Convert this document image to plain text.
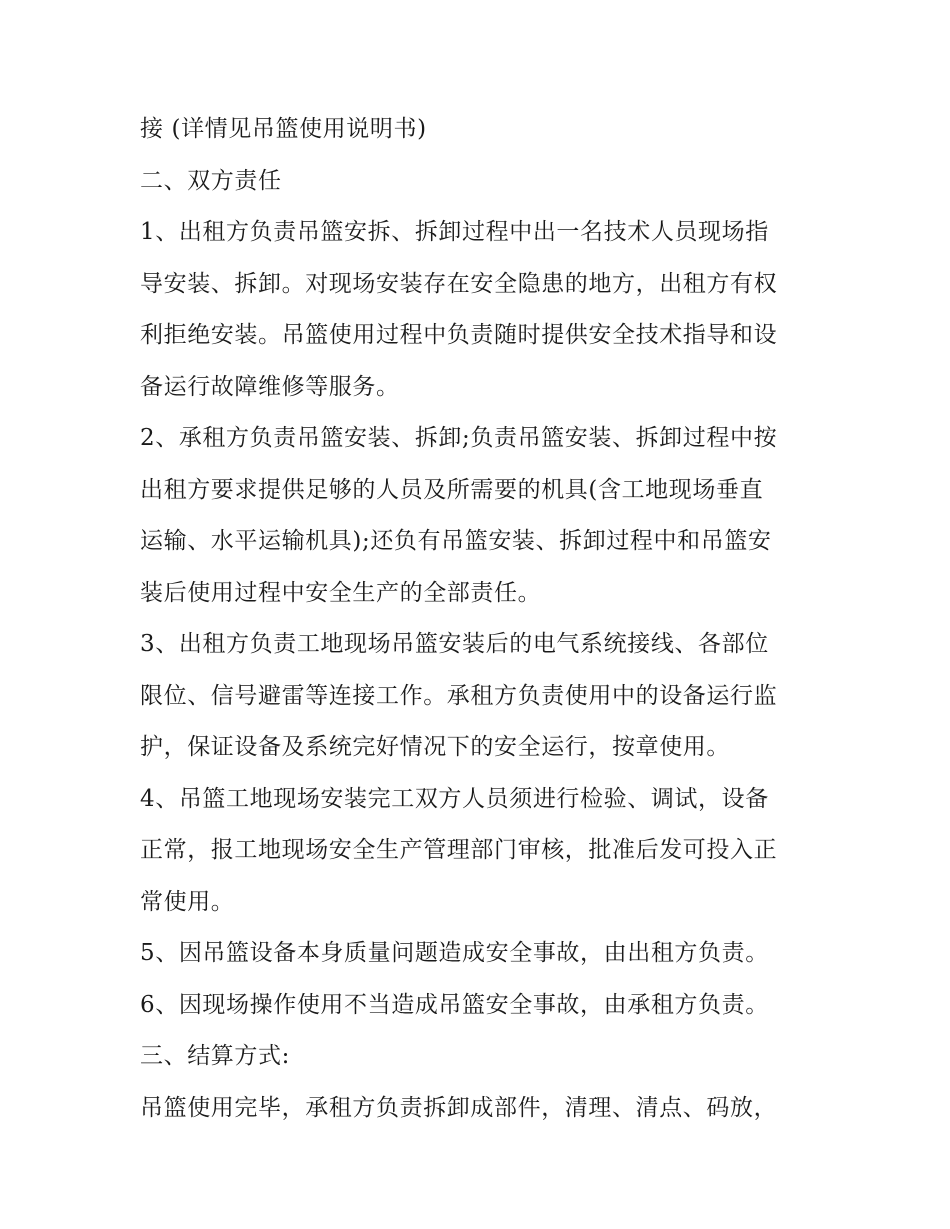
接 (详情见吊篮使用说明书)
二、双方责任
1、出租方负责吊篮安拆、拆卸过程中出一名技术人员现场指
导安装、拆卸。对现场安装存在安全隐患的地方，出租方有权
利拒绝安装。吊篮使用过程中负责随时提供安全技术指导和设
备运行故障维修等服务。
2、承租方负责吊篮安装、拆卸;负责吊篮安装、拆卸过程中按
出租方要求提供足够的人员及所需要的机具(含工地现场垂直
运输、水平运输机具);还负有吊篮安装、拆卸过程中和吊篮安
装后使用过程中安全生产的全部责任。
3、出租方负责工地现场吊篮安装后的电气系统接线、各部位
限位、信号避雷等连接工作。承租方负责使用中的设备运行监
护，保证设备及系统完好情况下的安全运行，按章使用。
4、吊篮工地现场安装完工双方人员须进行检验、调试，设备
正常，报工地现场安全生产管理部门审核，批准后发可投入正
常使用。
5、因吊篮设备本身质量问题造成安全事故，由出租方负责。
6、因现场操作使用不当造成吊篮安全事故，由承租方负责。
三、结算方式:
吊篮使用完毕，承租方负责拆卸成部件，清理、清点、码放，
